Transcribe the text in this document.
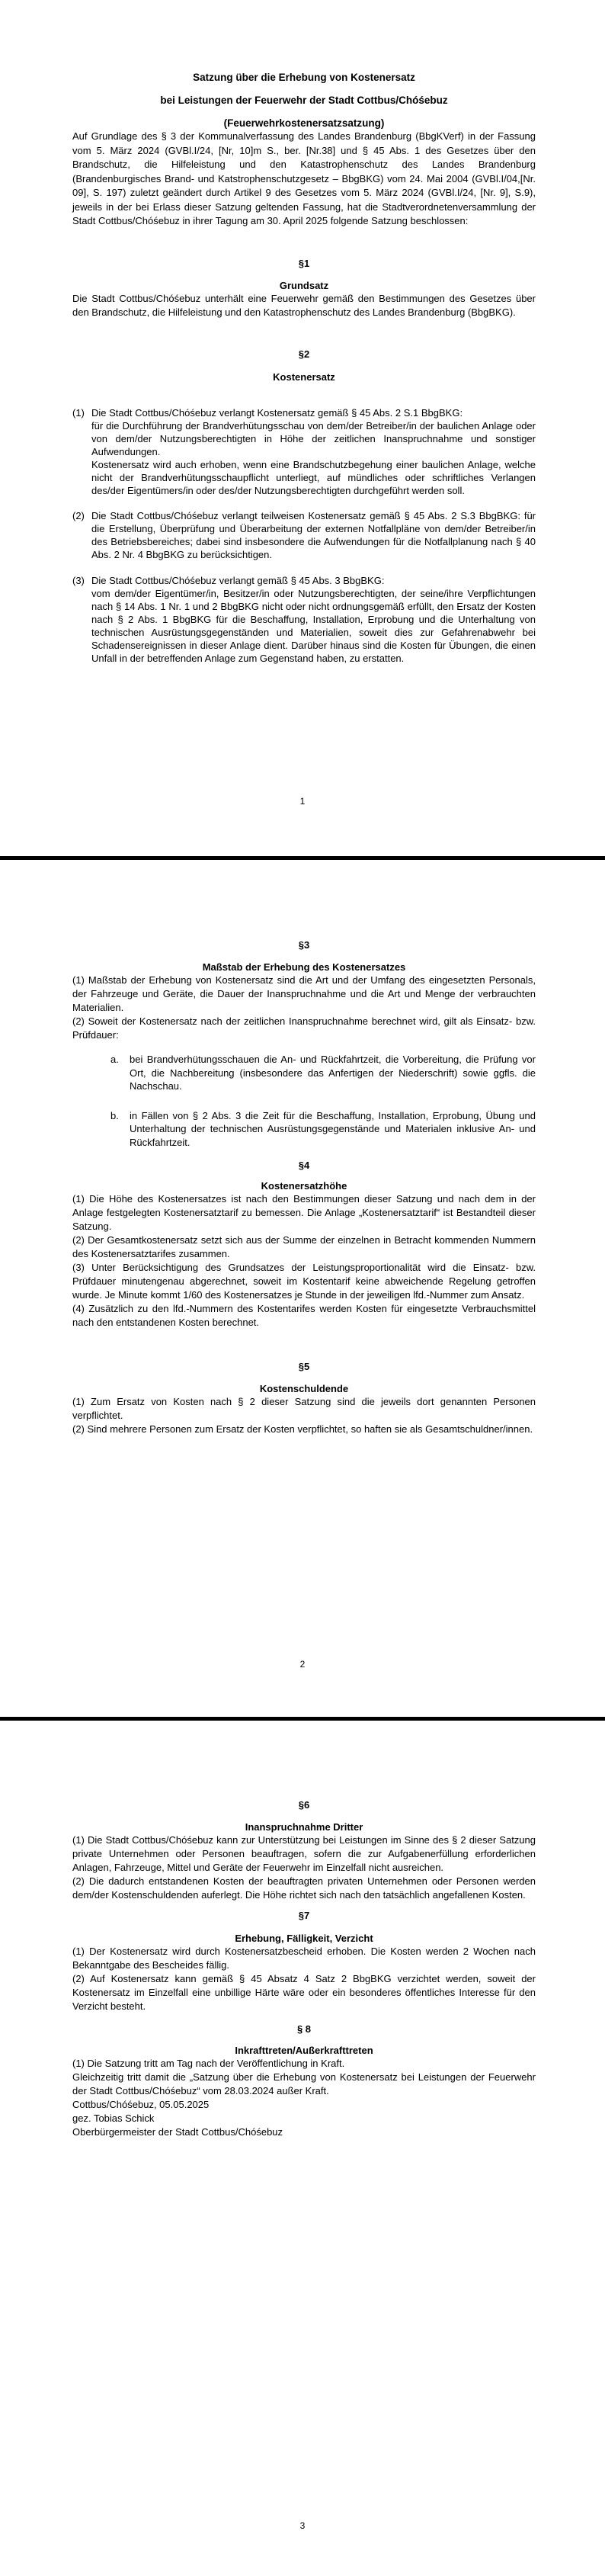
Satzung über die Erhebung von Kostenersatz

bei Leistungen der Feuerwehr der Stadt Cottbus/Chóśebuz

(Feuerwehrkostenersatzsatzung)

Auf Grundlage des § 3 der Kommunalverfassung des Landes Brandenburg (BbgKVerf) in der Fassung vom 5. März 2024 (GVBl.I/24, [Nr, 10]m S., ber. [Nr.38] und § 45 Abs. 1 des Gesetzes über den Brandschutz, die Hilfeleistung und den Katastrophenschutz des Landes Brandenburg (Brandenburgisches Brand- und Katstrophenschutzgesetz – BbgBKG) vom 24. Mai 2004 (GVBl.I/04,[Nr. 09], S. 197) zuletzt geändert durch Artikel 9 des Gesetzes vom 5. März 2024 (GVBl.I/24, [Nr. 9], S.9), jeweils in der bei Erlass dieser Satzung geltenden Fassung, hat die Stadtverordnetenversammlung der Stadt Cottbus/Chóśebuz in ihrer Tagung am 30. April 2025 folgende Satzung beschlossen:

§1

Grundsatz

Die Stadt Cottbus/Chóśebuz unterhält eine Feuerwehr gemäß den Bestimmungen des Gesetzes über den Brandschutz, die Hilfeleistung und den Katastrophenschutz des Landes Brandenburg (BbgBKG).

§2

Kostenersatz

(1) Die Stadt Cottbus/Chóśebuz verlangt Kostenersatz gemäß § 45 Abs. 2 S.1 BbgBKG:

für die Durchführung der Brandverhütungsschau von dem/der Betreiber/in der baulichen Anlage oder von dem/der Nutzungsberechtigten in Höhe der zeitlichen Inanspruchnahme und sonstiger Aufwendungen.

Kostenersatz wird auch erhoben, wenn eine Brandschutzbegehung einer baulichen Anlage, welche nicht der Brandverhütungsschaupflicht unterliegt, auf mündliches oder schriftliches Verlangen des/der Eigentümers/in oder des/der Nutzungsberechtigten durchgeführt werden soll.

(2) Die Stadt Cottbus/Chóśebuz verlangt teilweisen Kostenersatz gemäß § 45 Abs. 2 S.3 BbgBKG: für die Erstellung, Überprüfung und Überarbeitung der externen Notfallpläne von dem/der Betreiber/in des Betriebsbereiches; dabei sind insbesondere die Aufwendungen für die Notfallplanung nach § 40 Abs. 2 Nr. 4 BbgBKG zu berücksichtigen.

(3) Die Stadt Cottbus/Chóśebuz verlangt gemäß § 45 Abs. 3 BbgBKG:

vom dem/der Eigentümer/in, Besitzer/in oder Nutzungsberechtigten, der seine/ihre Verpflichtungen nach § 14 Abs. 1 Nr. 1 und 2 BbgBKG nicht oder nicht ordnungsgemäß erfüllt, den Ersatz der Kosten nach § 2 Abs. 1 BbgBKG für die Beschaffung, Installation, Erprobung und die Unterhaltung von technischen Ausrüstungsgegenständen und Materialien, soweit dies zur Gefahrenabwehr bei Schadensereignissen in dieser Anlage dient. Darüber hinaus sind die Kosten für Übungen, die einen Unfall in der betreffenden Anlage zum Gegenstand haben, zu erstatten.

1

§3

Maßstab der Erhebung des Kostenersatzes

(1) Maßstab der Erhebung von Kostenersatz sind die Art und der Umfang des eingesetzten Personals, der Fahrzeuge und Geräte, die Dauer der Inanspruchnahme und die Art und Menge der verbrauchten Materialien.

(2) Soweit der Kostenersatz nach der zeitlichen Inanspruchnahme berechnet wird, gilt als Einsatz- bzw. Prüfdauer:

a. bei Brandverhütungsschauen die An- und Rückfahrtzeit, die Vorbereitung, die Prüfung vor Ort, die Nachbereitung (insbesondere das Anfertigen der Niederschrift) sowie ggfls. die Nachschau.

b. in Fällen von § 2 Abs. 3 die Zeit für die Beschaffung, Installation, Erprobung, Übung und Unterhaltung der technischen Ausrüstungsgegenstände und Materialen inklusive An- und Rückfahrtzeit.

§4

Kostenersatzhöhe

(1) Die Höhe des Kostenersatzes ist nach den Bestimmungen dieser Satzung und nach dem in der Anlage festgelegten Kostenersatztarif zu bemessen. Die Anlage „Kostenersatztarif“ ist Bestandteil dieser Satzung.

(2) Der Gesamtkostenersatz setzt sich aus der Summe der einzelnen in Betracht kommenden Nummern des Kostenersatztarifes zusammen.

(3) Unter Berücksichtigung des Grundsatzes der Leistungsproportionalität wird die Einsatz- bzw. Prüfdauer minutengenau abgerechnet, soweit im Kostentarif keine abweichende Regelung getroffen wurde. Je Minute kommt 1/60 des Kostenersatzes je Stunde in der jeweiligen lfd.-Nummer zum Ansatz.

(4) Zusätzlich zu den lfd.-Nummern des Kostentarifes werden Kosten für eingesetzte Verbrauchsmittel nach den entstandenen Kosten berechnet.

§5

Kostenschuldende

(1) Zum Ersatz von Kosten nach § 2 dieser Satzung sind die jeweils dort genannten Personen verpflichtet.

(2) Sind mehrere Personen zum Ersatz der Kosten verpflichtet, so haften sie als Gesamtschuldner/innen.

2

§6

Inanspruchnahme Dritter

(1) Die Stadt Cottbus/Chóśebuz kann zur Unterstützung bei Leistungen im Sinne des § 2 dieser Satzung private Unternehmen oder Personen beauftragen, sofern die zur Aufgabenerfüllung erforderlichen Anlagen, Fahrzeuge, Mittel und Geräte der Feuerwehr im Einzelfall nicht ausreichen.

(2) Die dadurch entstandenen Kosten der beauftragten privaten Unternehmen oder Personen werden dem/der Kostenschuldenden auferlegt. Die Höhe richtet sich nach den tatsächlich angefallenen Kosten.

§7

Erhebung, Fälligkeit, Verzicht

(1) Der Kostenersatz wird durch Kostenersatzbescheid erhoben. Die Kosten werden 2 Wochen nach Bekanntgabe des Bescheides fällig.

(2) Auf Kostenersatz kann gemäß § 45 Absatz 4 Satz 2 BbgBKG verzichtet werden, soweit der Kostenersatz im Einzelfall eine unbillige Härte wäre oder ein besonderes öffentliches Interesse für den Verzicht besteht.

§ 8

Inkrafttreten/Außerkrafttreten

(1) Die Satzung tritt am Tag nach der Veröffentlichung in Kraft.

Gleichzeitig tritt damit die „Satzung über die Erhebung von Kostenersatz bei Leistungen der Feuerwehr der Stadt Cottbus/Chóśebuz“ vom 28.03.2024 außer Kraft.

Cottbus/Chóśebuz, 05.05.2025

gez. Tobias Schick

Oberbürgermeister der Stadt Cottbus/Chóśebuz

3
